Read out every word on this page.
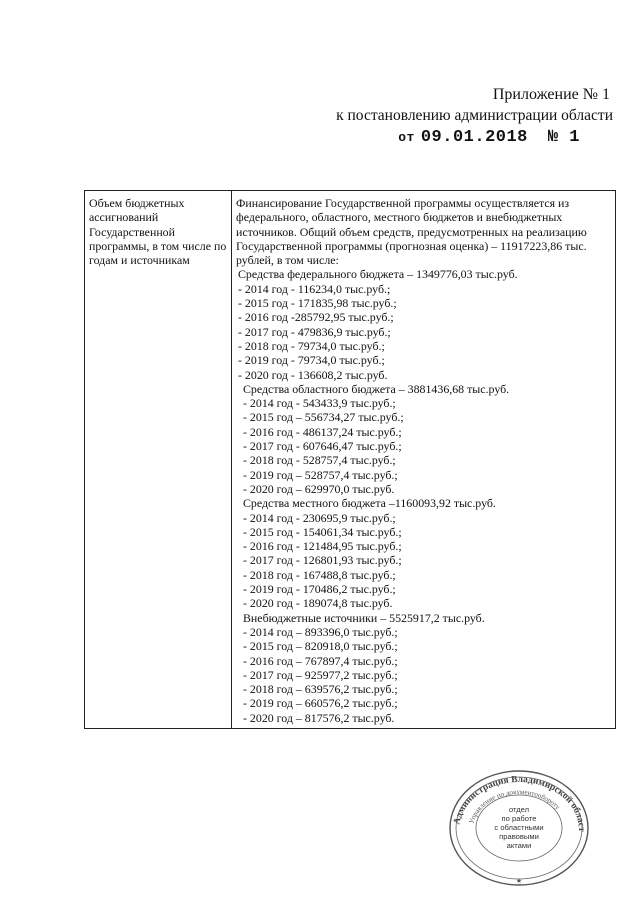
Приложение № 1
к постановлению администрации области
от 09.01.2018 № 1
Объем бюджетных ассигнований Государственной программы, в том числе по годам и источникам	Финансирование Государственной программы осуществляется из федерального, областного, местного бюджетов и внебюджетных источников. Общий объем средств, предусмотренных на реализацию Государственной программы (прогнозная оценка) – 11917223,86 тыс. рублей, в том числе:
Средства федерального бюджета – 1349776,03 тыс.руб.
- 2014 год - 116234,0 тыс.руб.;
- 2015 год - 171835,98 тыс.руб.;
- 2016 год -285792,95 тыс.руб.;
- 2017 год - 479836,9 тыс.руб.;
- 2018 год - 79734,0 тыс.руб.;
- 2019 год - 79734,0 тыс.руб.;
- 2020 год - 136608,2 тыс.руб.
Средства областного бюджета – 3881436,68 тыс.руб.
- 2014 год - 543433,9 тыс.руб.;
- 2015 год – 556734,27 тыс.руб.;
- 2016 год - 486137,24 тыс.руб.;
- 2017 год - 607646,47 тыс.руб.;
- 2018 год - 528757,4 тыс.руб.;
- 2019 год – 528757,4 тыс.руб.;
- 2020 год – 629970,0 тыс.руб.
Средства местного бюджета –1160093,92 тыс.руб.
- 2014 год - 230695,9 тыс.руб.;
- 2015 год - 154061,34 тыс.руб.;
- 2016 год - 121484,95 тыс.руб.;
- 2017 год - 126801,93 тыс.руб.;
- 2018 год - 167488,8 тыс.руб.;
- 2019 год - 170486,2 тыс.руб.;
- 2020 год - 189074,8 тыс.руб.
Внебюджетные источники – 5525917,2 тыс.руб.
- 2014 год – 893396,0 тыс.руб.;
- 2015 год – 820918,0 тыс.руб.;
- 2016 год – 767897,4 тыс.руб.;
- 2017 год – 925977,2 тыс.руб.;
- 2018 год – 639576,2 тыс.руб.;
- 2019 год – 660576,2 тыс.руб.;
- 2020 год – 817576,2 тыс.руб.
Администрация Владимирской област
Управление по документообороту
★
отдел
по работе
с областными
правовыми
актами
